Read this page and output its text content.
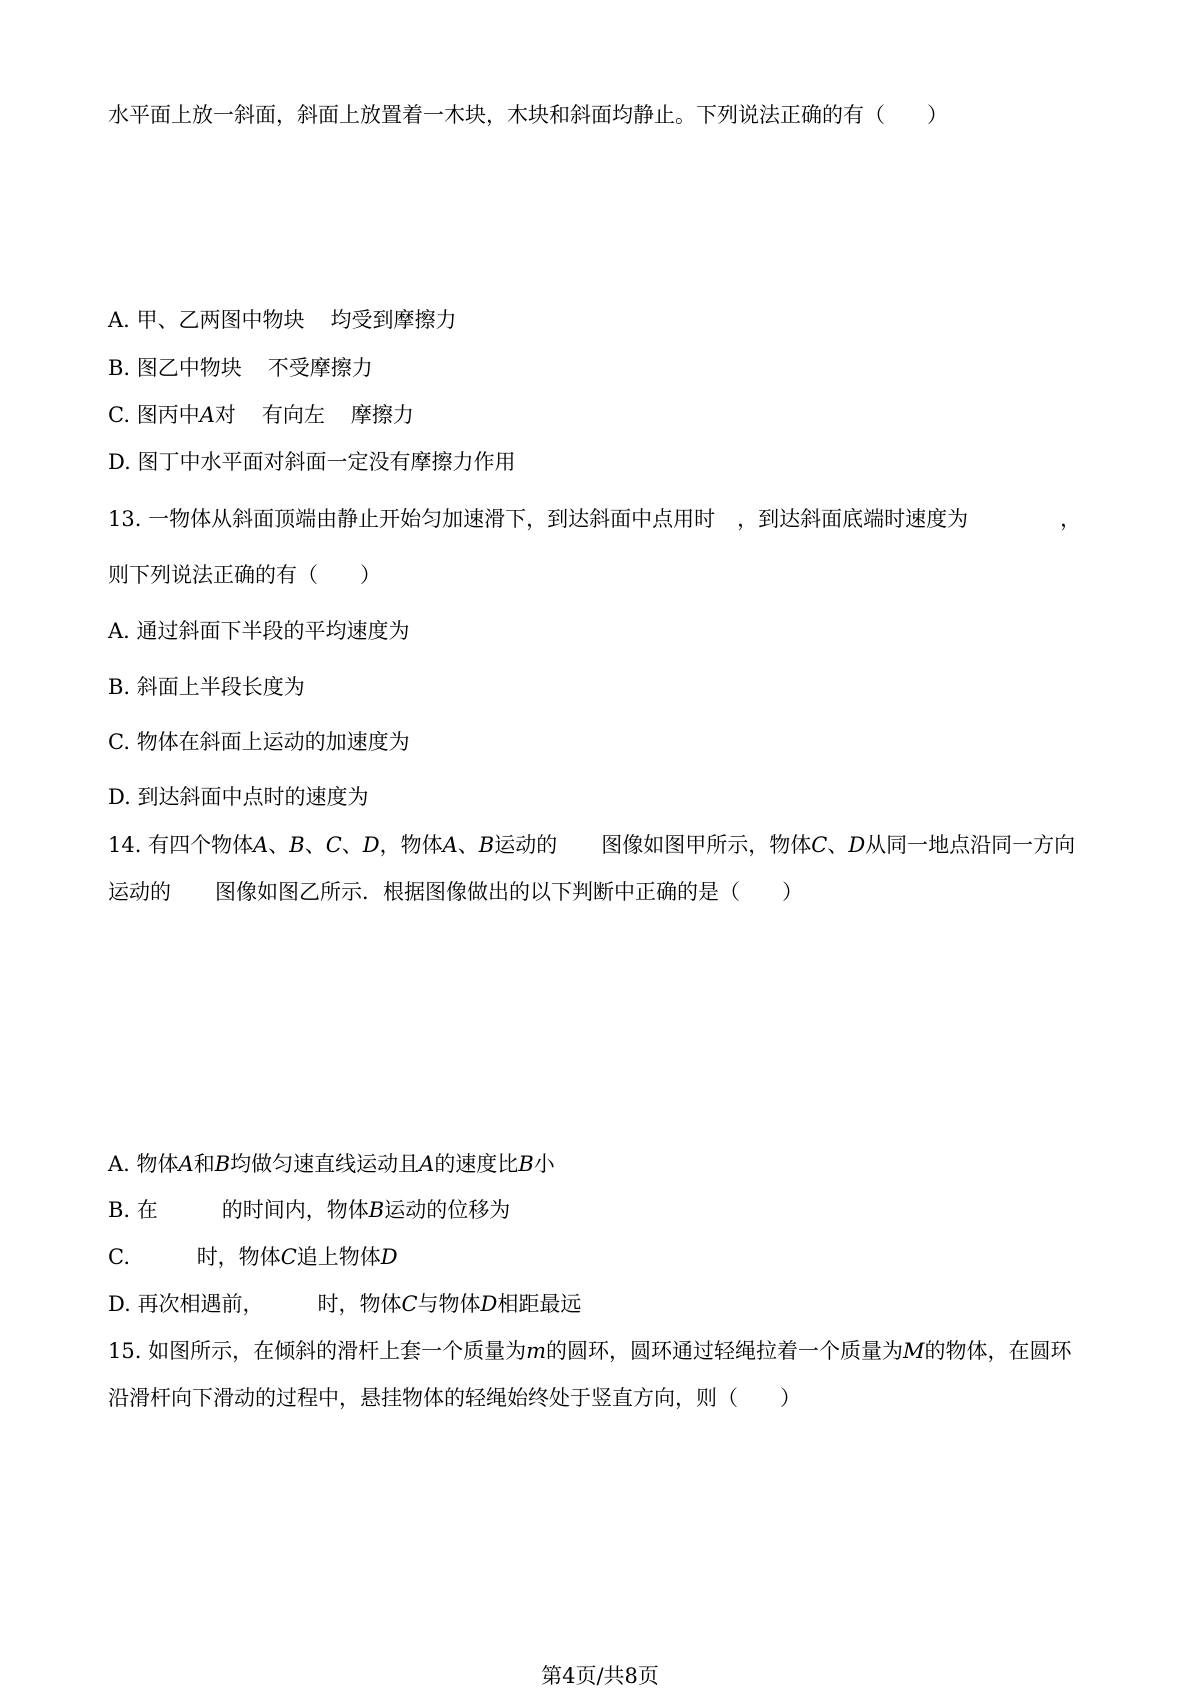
水平面上放一斜面，斜面上放置着一木块，木块和斜面均静止。下列说法正确的有（　　）
A. 甲、乙两图中物块 均受到摩擦力
B. 图乙中物块 不受摩擦力
C. 图丙中A对 有向左 摩擦力
D. 图丁中水平面对斜面一定没有摩擦力作用
13. 一物体从斜面顶端由静止开始匀加速滑下，到达斜面中点用时 ，到达斜面底端时速度为	，
则下列说法正确的有（　　）
A. 通过斜面下半段的平均速度为
B. 斜面上半段长度为
C. 物体在斜面上运动的加速度为
D. 到达斜面中点时的速度为
14. 有四个物体A、B、C、D，物体A、B运动的 图像如图甲所示，物体C、D从同一地点沿同一方向
运动的 图像如图乙所示．根据图像做出的以下判断中正确的是（　　）
A. 物体A和B均做匀速直线运动且A的速度比B小
B. 在	的时间内，物体B运动的位移为
C.	时，物体C追上物体D
D. 再次相遇前，	时，物体C与物体D相距最远
15. 如图所示，在倾斜的滑杆上套一个质量为m的圆环，圆环通过轻绳拉着一个质量为M的物体，在圆环
沿滑杆向下滑动的过程中，悬挂物体的轻绳始终处于竖直方向，则（　　）
第4页/共8页
